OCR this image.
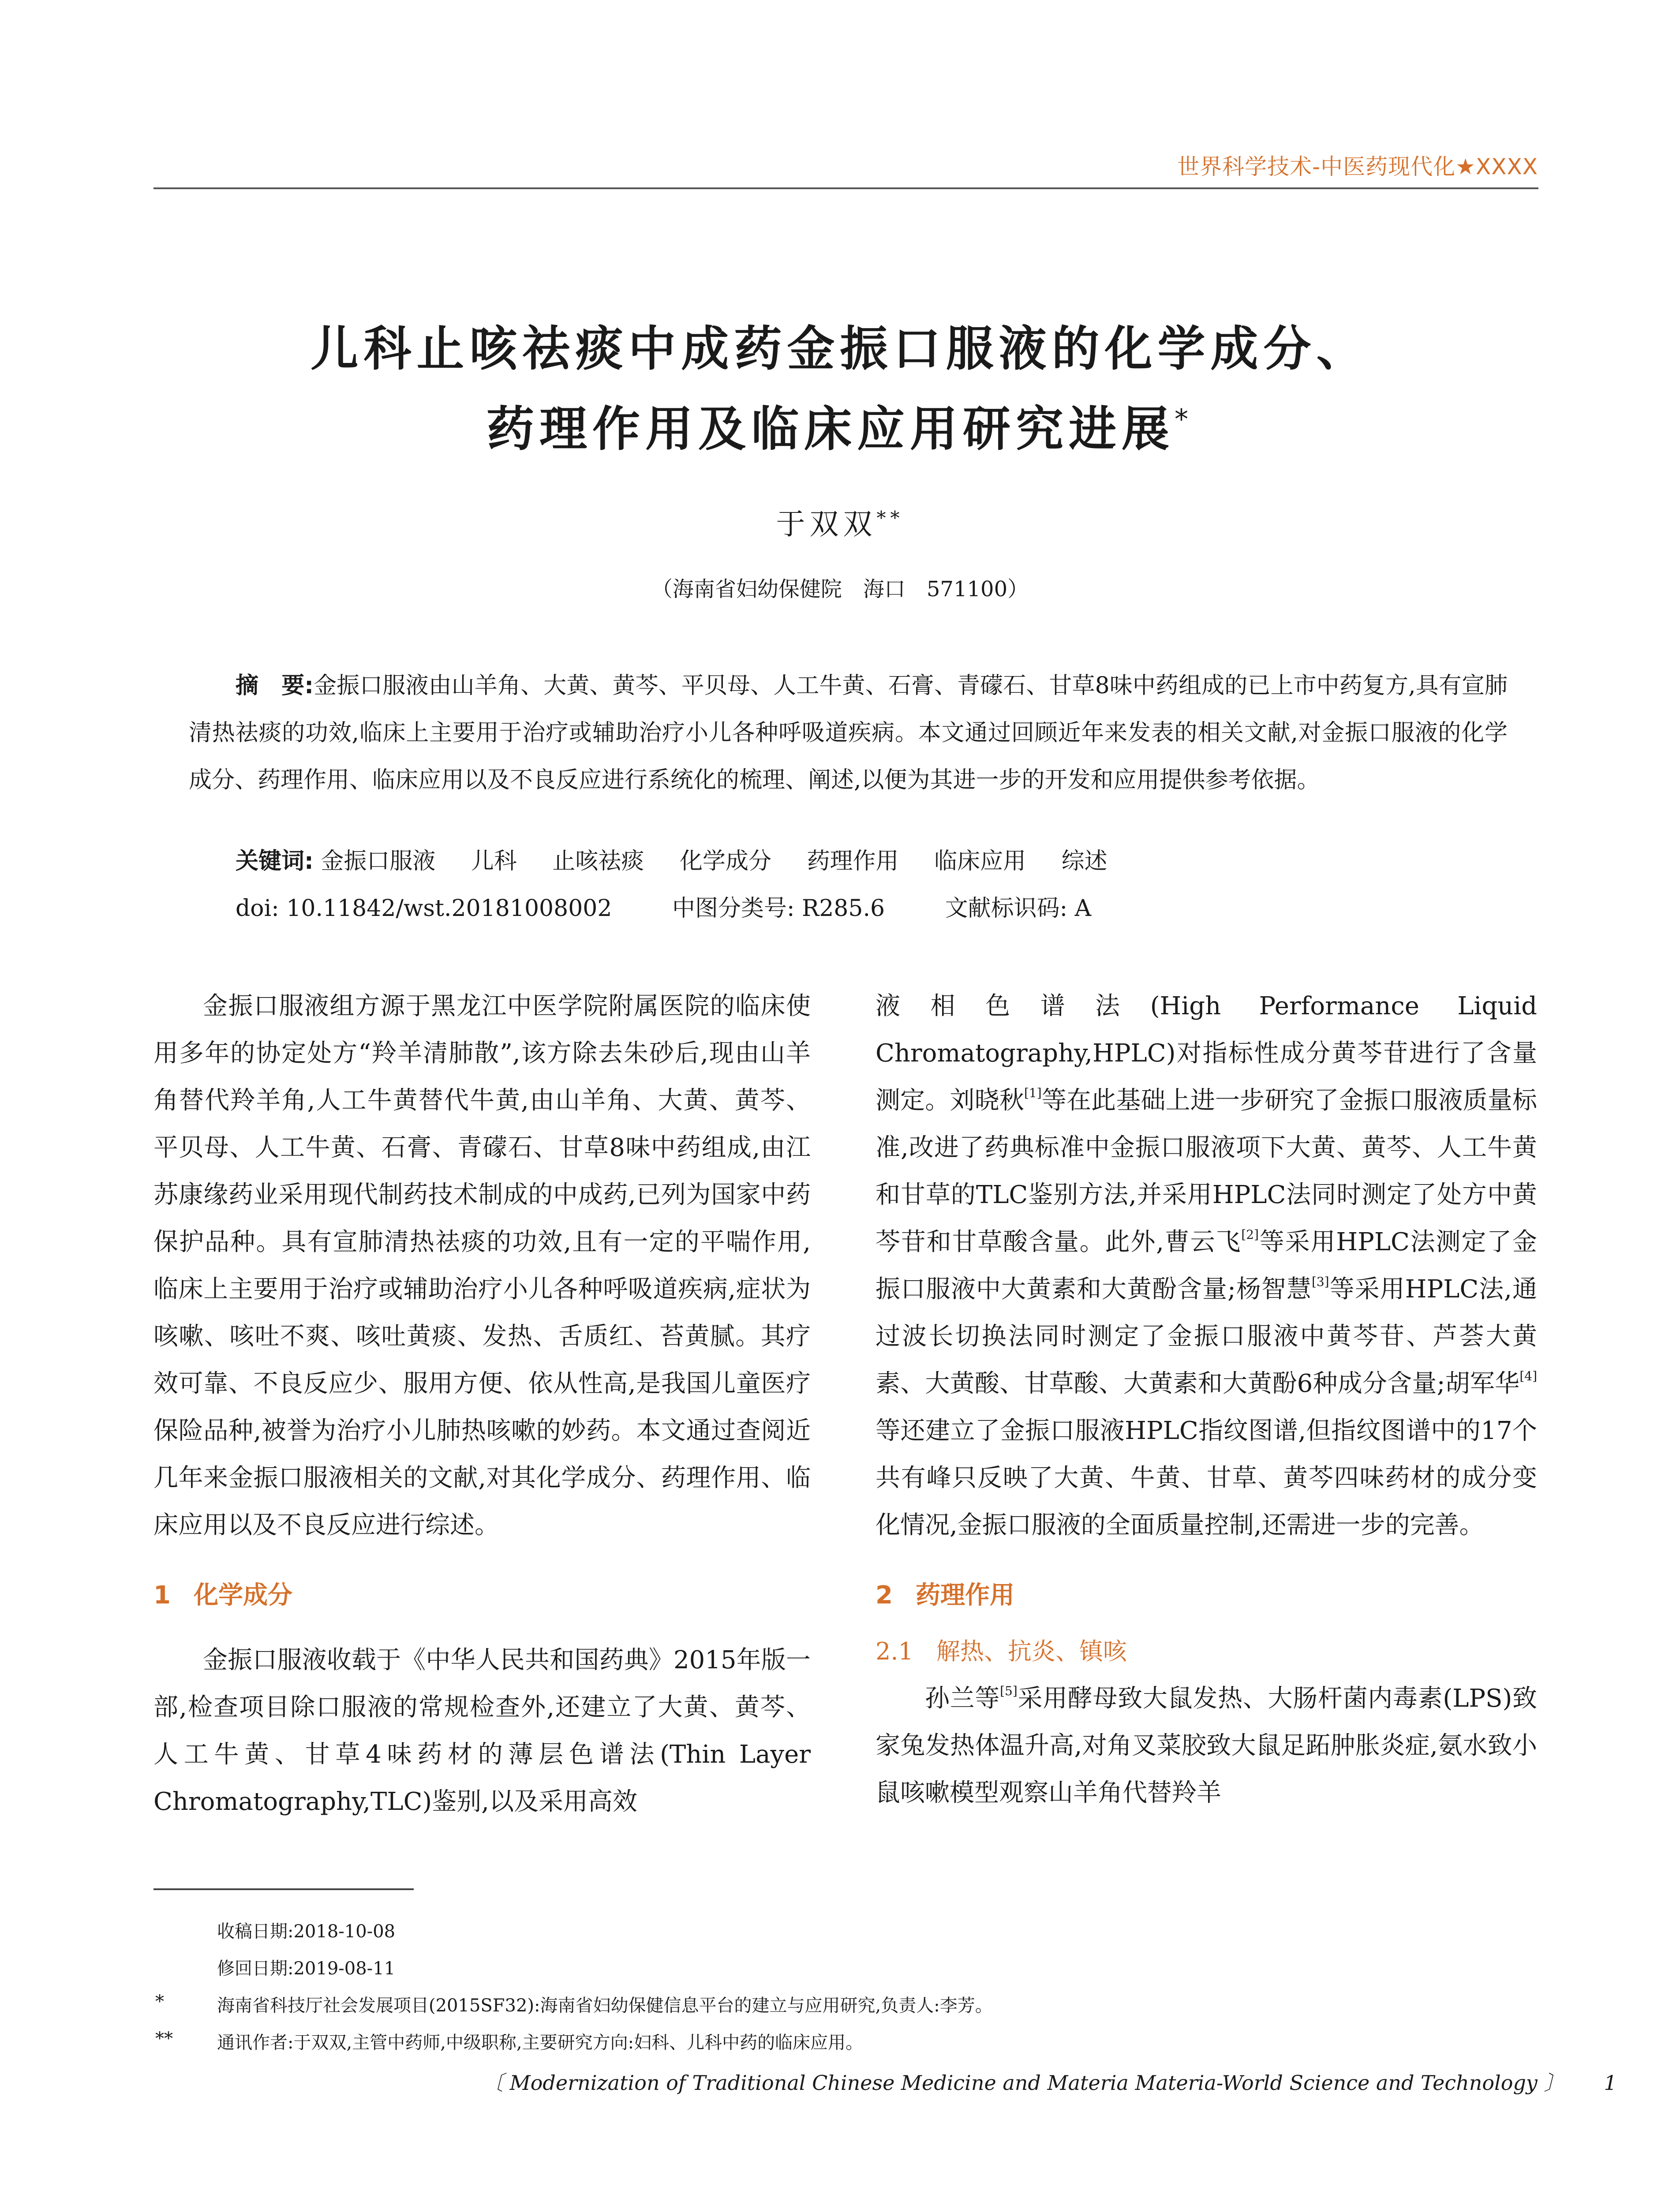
世界科学技术-中医药现代化★XXXX
儿科止咳祛痰中成药金振口服液的化学成分、
药理作用及临床应用研究进展*
于双双**
（海南省妇幼保健院　海口　571100）
摘　要:金振口服液由山羊角、大黄、黄芩、平贝母、人工牛黄、石膏、青礞石、甘草8味中药组成的已上市中药复方,具有宣肺清热祛痰的功效,临床上主要用于治疗或辅助治疗小儿各种呼吸道疾病。本文通过回顾近年来发表的相关文献,对金振口服液的化学成分、药理作用、临床应用以及不良反应进行系统化的梳理、阐述,以便为其进一步的开发和应用提供参考依据。
关键词: 金振口服液 儿科 止咳祛痰 化学成分 药理作用 临床应用 综述
doi: 10.11842/wst.20181008002	中图分类号: R285.6	文献标识码: A

金振口服液组方源于黑龙江中医学院附属医院的临床使用多年的协定处方“羚羊清肺散”,该方除去朱砂后,现由山羊角替代羚羊角,人工牛黄替代牛黄,由山羊角、大黄、黄芩、平贝母、人工牛黄、石膏、青礞石、甘草8味中药组成,由江苏康缘药业采用现代制药技术制成的中成药,已列为国家中药保护品种。具有宣肺清热祛痰的功效,且有一定的平喘作用,临床上主要用于治疗或辅助治疗小儿各种呼吸道疾病,症状为咳嗽、咳吐不爽、咳吐黄痰、发热、舌质红、苔黄腻。其疗效可靠、不良反应少、服用方便、依从性高,是我国儿童医疗保险品种,被誉为治疗小儿肺热咳嗽的妙药。本文通过查阅近几年来金振口服液相关的文献,对其化学成分、药理作用、临床应用以及不良反应进行综述。

1 化学成分

金振口服液收载于《中华人民共和国药典》2015年版一部,检查项目除口服液的常规检查外,还建立了大黄、黄芩、人工牛黄、甘草4味药材的薄层色谱法(Thin Layer Chromatography,TLC)鉴别,以及采用高效

液相色谱法(High Performance Liquid Chromatography,HPLC)对指标性成分黄芩苷进行了含量测定。刘晓秋[1]等在此基础上进一步研究了金振口服液质量标准,改进了药典标准中金振口服液项下大黄、黄芩、人工牛黄和甘草的TLC鉴别方法,并采用HPLC法同时测定了处方中黄芩苷和甘草酸含量。此外,曹云飞[2]等采用HPLC法测定了金振口服液中大黄素和大黄酚含量;杨智慧[3]等采用HPLC法,通过波长切换法同时测定了金振口服液中黄芩苷、芦荟大黄素、大黄酸、甘草酸、大黄素和大黄酚6种成分含量;胡军华[4]等还建立了金振口服液HPLC指纹图谱,但指纹图谱中的17个共有峰只反映了大黄、牛黄、甘草、黄芩四味药材的成分变化情况,金振口服液的全面质量控制,还需进一步的完善。

2 药理作用
2.1 解热、抗炎、镇咳

孙兰等[5]采用酵母致大鼠发热、大肠杆菌内毒素(LPS)致家兔发热体温升高,对角叉菜胶致大鼠足跖肿胀炎症,氨水致小鼠咳嗽模型观察山羊角代替羚羊

收稿日期:2018-10-08
修回日期:2019-08-11
*	海南省科技厅社会发展项目(2015SF32):海南省妇幼保健信息平台的建立与应用研究,负责人:李芳。
**	通讯作者:于双双,主管中药师,中级职称,主要研究方向:妇科、儿科中药的临床应用。
〔 Modernization of Traditional Chinese Medicine and Materia Materia-World Science and Technology 〕 1
